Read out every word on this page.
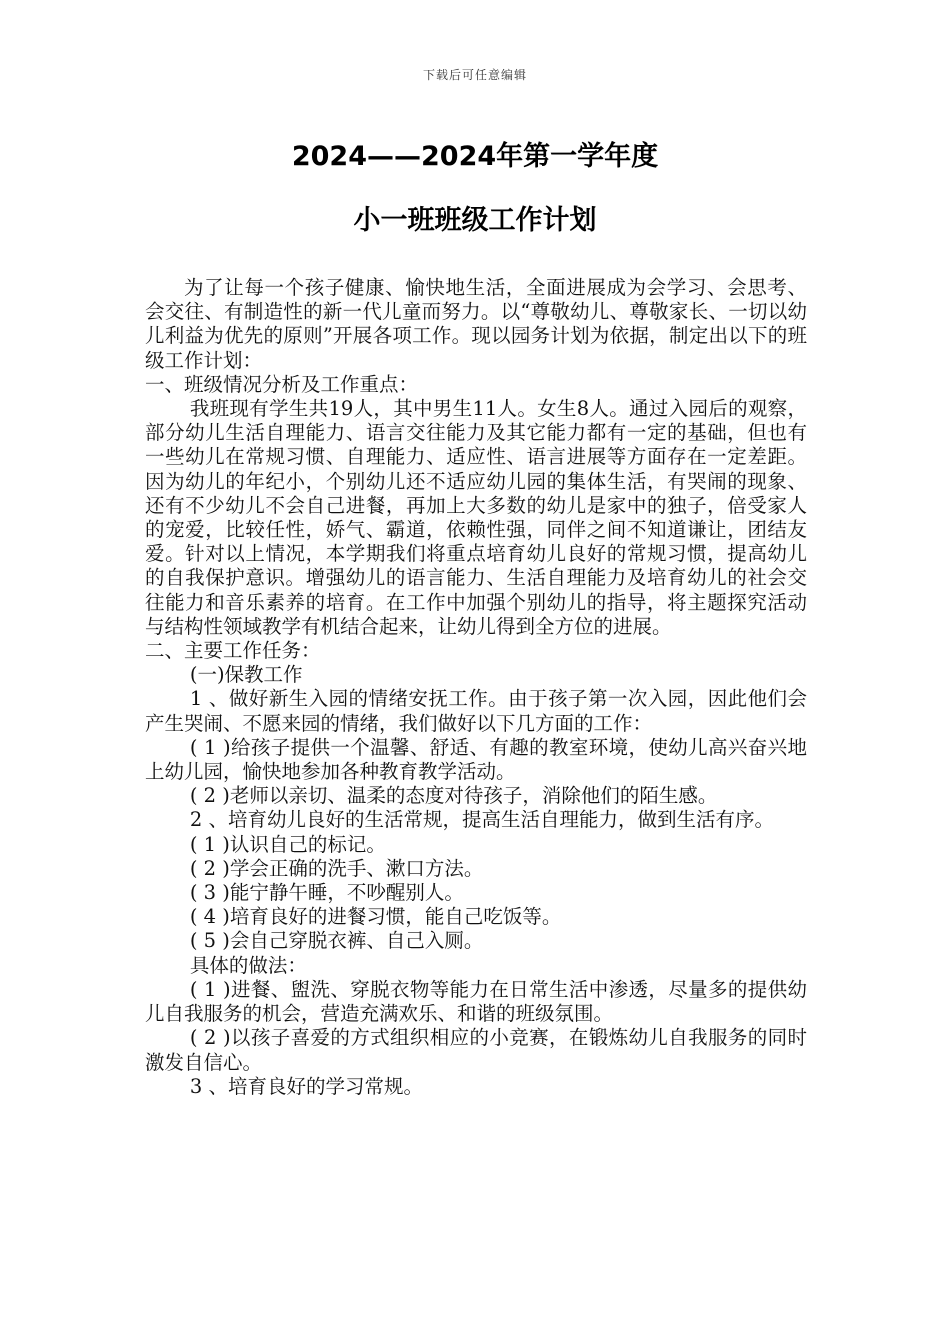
下载后可任意编辑
2024——2024年第一学年度
小一班班级工作计划

为了让每一个孩子健康、愉快地生活，全面进展成为会学习、会思考、会交往、有制造性的新一代儿童而努力。以“尊敬幼儿、尊敬家长、一切以幼儿利益为优先的原则”开展各项工作。现以园务计划为依据，制定出以下的班级工作计划：

一、班级情况分析及工作重点：

我班现有学生共19人，其中男生11人。女生8人。通过入园后的观察，部分幼儿生活自理能力、语言交往能力及其它能力都有一定的基础，但也有一些幼儿在常规习惯、自理能力、适应性、语言进展等方面存在一定差距。因为幼儿的年纪小，个别幼儿还不适应幼儿园的集体生活，有哭闹的现象、还有不少幼儿不会自己进餐，再加上大多数的幼儿是家中的独子，倍受家人的宠爱，比较任性，娇气、霸道，依赖性强，同伴之间不知道谦让，团结友爱。针对以上情况，本学期我们将重点培育幼儿良好的常规习惯，提高幼儿的自我保护意识。增强幼儿的语言能力、生活自理能力及培育幼儿的社会交往能力和音乐素养的培育。在工作中加强个别幼儿的指导，将主题探究活动与结构性领域教学有机结合起来，让幼儿得到全方位的进展。

二、主要工作任务：

(一)保教工作

1 、做好新生入园的情绪安抚工作。由于孩子第一次入园，因此他们会产生哭闹、不愿来园的情绪，我们做好以下几方面的工作：

( 1 )给孩子提供一个温馨、舒适、有趣的教室环境，使幼儿高兴奋兴地上幼儿园，愉快地参加各种教育教学活动。

( 2 )老师以亲切、温柔的态度对待孩子，消除他们的陌生感。

2 、培育幼儿良好的生活常规，提高生活自理能力，做到生活有序。

( 1 )认识自己的标记。

( 2 )学会正确的洗手、漱口方法。

( 3 )能宁静午睡，不吵醒别人。

( 4 )培育良好的进餐习惯，能自己吃饭等。

( 5 )会自己穿脱衣裤、自己入厕。

具体的做法：

( 1 )进餐、盥洗、穿脱衣物等能力在日常生活中渗透，尽量多的提供幼儿自我服务的机会，营造充满欢乐、和谐的班级氛围。

( 2 )以孩子喜爱的方式组织相应的小竞赛，在锻炼幼儿自我服务的同时激发自信心。

3 、培育良好的学习常规。
